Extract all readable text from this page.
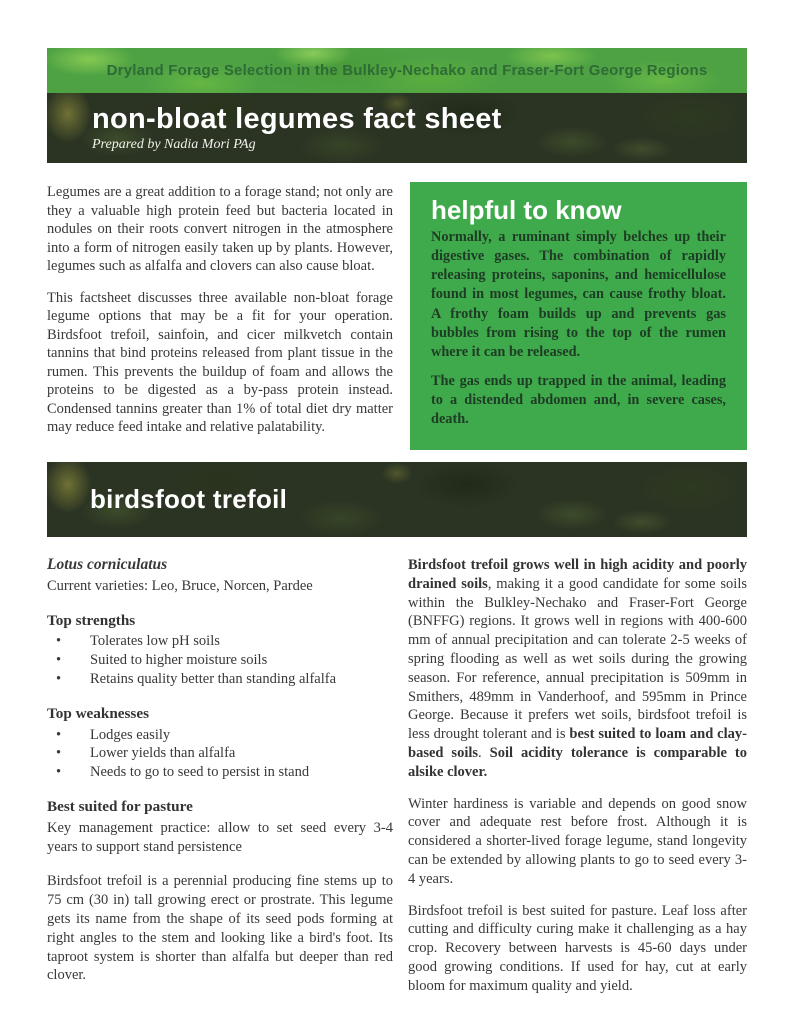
Dryland Forage Selection in the Bulkley-Nechako and Fraser-Fort George Regions
non-bloat legumes fact sheet
Prepared by Nadia Mori PAg

Legumes are a great addition to a forage stand; not only are they a valuable high protein feed but bacteria located in nodules on their roots convert nitrogen in the atmosphere into a form of nitrogen easily taken up by plants. However, legumes such as alfalfa and clovers can also cause bloat.

This factsheet discusses three available non-bloat forage legume options that may be a fit for your operation. Birdsfoot trefoil, sainfoin, and cicer milkvetch contain tannins that bind proteins released from plant tissue in the rumen. This prevents the buildup of foam and allows the proteins to be digested as a by-pass protein instead. Condensed tannins greater than 1% of total diet dry matter may reduce feed intake and relative palatability.

helpful to know

Normally, a ruminant simply belches up their digestive gases. The combination of rapidly releasing proteins, saponins, and hemicellulose found in most legumes, can cause frothy bloat. A frothy foam builds up and prevents gas bubbles from rising to the top of the rumen where it can be released.

The gas ends up trapped in the animal, leading to a distended abdomen and, in severe cases, death.

birdsfoot trefoil

Lotus corniculatus

Current varieties: Leo, Bruce, Norcen, Pardee

Top strengths
• Tolerates low pH soils
• Suited to higher moisture soils
• Retains quality better than standing alfalfa
Top weaknesses
• Lodges easily
• Lower yields than alfalfa
• Needs to go to seed to persist in stand
Best suited for pasture

Key management practice: allow to set seed every 3-4 years to support stand persistence

Birdsfoot trefoil is a perennial producing fine stems up to 75 cm (30 in) tall growing erect or prostrate. This legume gets its name from the shape of its seed pods forming at right angles to the stem and looking like a bird's foot. Its taproot system is shorter than alfalfa but deeper than red clover.

Birdsfoot trefoil grows well in high acidity and poorly drained soils, making it a good candidate for some soils within the Bulkley-Nechako and Fraser-Fort George (BNFFG) regions. It grows well in regions with 400-600 mm of annual precipitation and can tolerate 2-5 weeks of spring flooding as well as wet soils during the growing season. For reference, annual precipitation is 509mm in Smithers, 489mm in Vanderhoof, and 595mm in Prince George. Because it prefers wet soils, birdsfoot trefoil is less drought tolerant and is best suited to loam and clay-based soils. Soil acidity tolerance is comparable to alsike clover.

Winter hardiness is variable and depends on good snow cover and adequate rest before frost. Although it is considered a shorter-lived forage legume, stand longevity can be extended by allowing plants to go to seed every 3-4 years.

Birdsfoot trefoil is best suited for pasture. Leaf loss after cutting and difficulty curing make it challenging as a hay crop. Recovery between harvests is 45-60 days under good growing conditions. If used for hay, cut at early bloom for maximum quality and yield.
